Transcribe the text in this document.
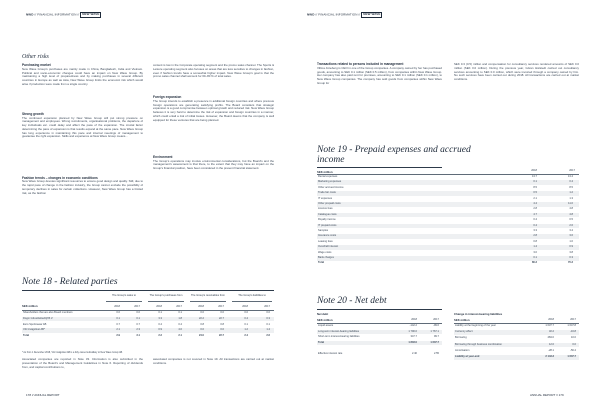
NWD // FINANCIAL INFORMATION // NEW WAVE	NWD // FINANCIAL INFORMATION // NEW WAVE
Other risks
Purchasing market
New Wave Group's purchases are mainly made in China, Bangladesh, India and Vietnam. Political and socio-economic changes could have an impact on New Wave Group. By maintaining a high level of preparedness and by making purchases in several different countries in Europe as well as Asia, New Wave Group limits the economic risk which would arise if production were made from a single country.
Strong growth
The continued expansion planned by New Wave Group will put strong pressure on management and employees. Wrong recruitments, organisational problems, the departure of key individuals etc. could delay and affect the pace of the expansion. The crucial factor determining the pace of expansion is that results expand at the same pace. New Wave Group has long experience in maintaining this pace and internal meetings of management to guarantee the right expansion. Skills and experience at New Wave Group means...
Fashion trends – changes in economic conditions
New Wave Group devotes significant resources to ensure good design and quality. Still, due to the rapid pace of change in the fashion industry, the Group cannot exclude the possibility of temporary declines in sales for certain collections. However, New Wave Group has a limited risk, as the fashion
content is low in the Corporate operating segment and the promo sales channel. The Sports & Leisure operating segment also focuses on areas that are less sensitive to changes in fashion, even if fashion trends have a somewhat higher impact. New Wave Group's goal is that the promo sales channel shall account for 60–80 % of total sales.
Foreign expansion
The Group intends to establish a presence in additional foreign countries and where previous foreign operations are generating satisfying profits. The Board considers that strategic expansion is a good compromise between optimal growth and reduced risk. New Wave Group believes it is very hard to determine the risk of expansion and foreign countries in a manner, which could entail a risk of initial losses. However, the Board deems that the company is well equipped for these ventures that are being planned.
Environment
The Group's operations may involve environmental considerations, but the Board's and the management's assessment is that there, to the extent that they may have an impact on the Group's financial position, have been considered in the present financial statement.
Note 18 - Related parties
SEK million
The Group's sales to	The Group's purchases from	The Group's receivables from	The Group's liabilities to
2018	2017	2018	2017	2018	2017	2018	2017
Shareholders that are also Board members	0.0	0.0	0.1	0.1	0.0	0.0	0.0	0.0
Dogm Industriebedrijf B.V.	0.1	0.1	3.3	1.8	22.2	22.7	0.4	0.3
Euro Sportswear AB	0.7	0.7	0.4	0.4	0.8	0.8	0.1	0.1
Vöt Invägslivet AB*	2.1	2.3	0.9	4.0	0.0	0.0	1.2	1.4
Total	2.9	3.1	2.2	2.1	24.0	22.7	2.4	2.6
* As from 1 December 2018, Vöt Invägslivet AB is a fully owned subsidiary to New Wave Group AB.
Associated companies are reported in Note 33. Information is also submitted in the presentation of the Board's and Management Guidelines in Note 6. Reporting of dividends from, and capital contributions to,
associated companies is not covered in Note 19. All transactions are carried out at market conditions.
178 // ANNUAL REPORT
Transactions related to persons included in management
Villma Jöneberg is CEO in one of the Group companies. A company owned by her has purchased goods, amounting to SEK 0.1 million (SEK 0.5 million), from companies within New Wave Group. Her company has also paid rent for premises, amounting to SEK 0.1 million (SEK 0.1 million), to New Wave Group companies. The company has sold goods from companies within New Wave Group for
SEK 0.3 (0.5) million and compensation for consultancy services rendered amounts of SEK 0.0 million (SEK 0.0 million). During the previous year, Göran Härstedt carried out consultancy services amounting to SEK 0.0 million, which were invoiced through a company owned by him. No such services have been carried out during 2018. All transactions are carried out at market conditions.
Note 19 - Prepaid expenses and accrued income
SEK million	2018	2017
Rental expenses	13.7	13.4
Marketing expenses	0.1	0.4
Other accrued income	8.5	8.5
Trade fair costs	0.5	1.2
IT expenses	2.1	1.3
Other prepaid costs	4.4	11.0
Licence fees	2.8	4.8
Catalogue costs	4.7	4.8
Royalty income	0.4	0.5
IT prepaid costs	0.4	2.6
Samples	3.3	3.4
Insurance costs	2.8	3.6
Leasing fees	0.8	1.0
Overdraft interest	1.4	0.9
Wage costs	3.0	3.8
Bank charges	0.1	0.3
Total	80.3	70.3
Note 20 - Net debt
Net debt
SEK million	2018	2017
Liquid assets	-142.2	-99.6
Long-term interest-bearing liabilities	1 790.0	1 767.1
Short-term interest-bearing liabilities	347.7	99.7
Total	1 803.0	1 637.7
Effective interest rate	2.40	2.55
Change in interest-bearing liabilities
SEK million	2018	2017
Liability at the beginning of the year	1 637.7	1 647.8
Currency effect	32.2	-16.8
Borrowing	484.0	10.0
Borrowing through business combination	12.0	0.0
Amortisation	-28.1	-56.4
Liability at year-end	2 143.3	1 637.7
ANNUAL REPORT // 179
